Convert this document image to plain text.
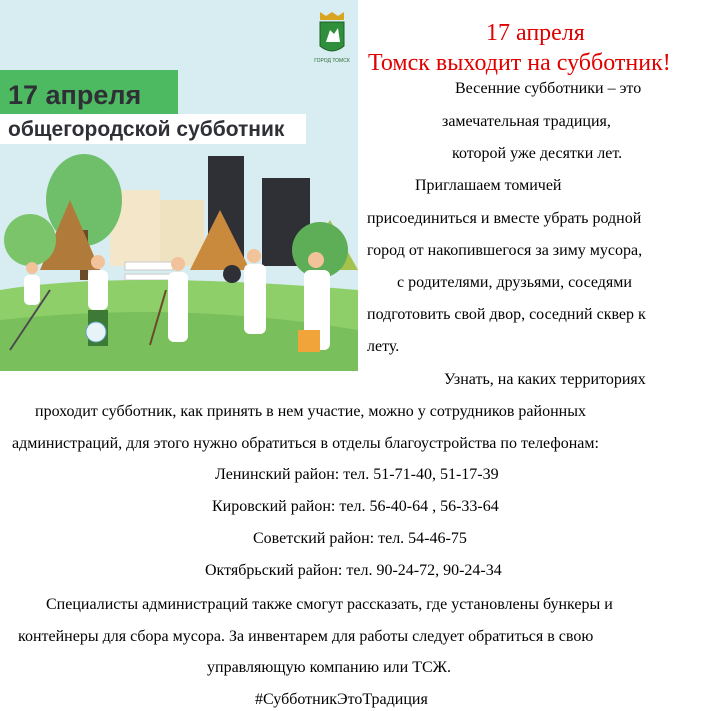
ГОРОД ТОМСК
17 апреля
общегородской субботник
17 апреля
Томск выходит на субботник!
Весенние субботники – это
замечательная традиция,
которой уже десятки лет.
Приглашаем томичей
присоединиться и вместе убрать родной
город от накопившегося за зиму мусора,
с родителями, друзьями, соседями
подготовить свой двор, соседний сквер к
лету.
Узнать, на каких территориях
проходит субботник, как принять в нем участие, можно у сотрудников районных
администраций, для этого нужно обратиться в отделы благоустройства по телефонам:
Ленинский район: тел. 51-71-40, 51-17-39
Кировский район: тел. 56-40-64 , 56-33-64
Советский район: тел. 54-46-75
Октябрьский район: тел. 90-24-72, 90-24-34
Специалисты администраций также смогут рассказать, где установлены бункеры и
контейнеры для сбора мусора. За инвентарем для работы следует обратиться в свою
управляющую компанию или ТСЖ.
#СубботникЭтоТрадиция
